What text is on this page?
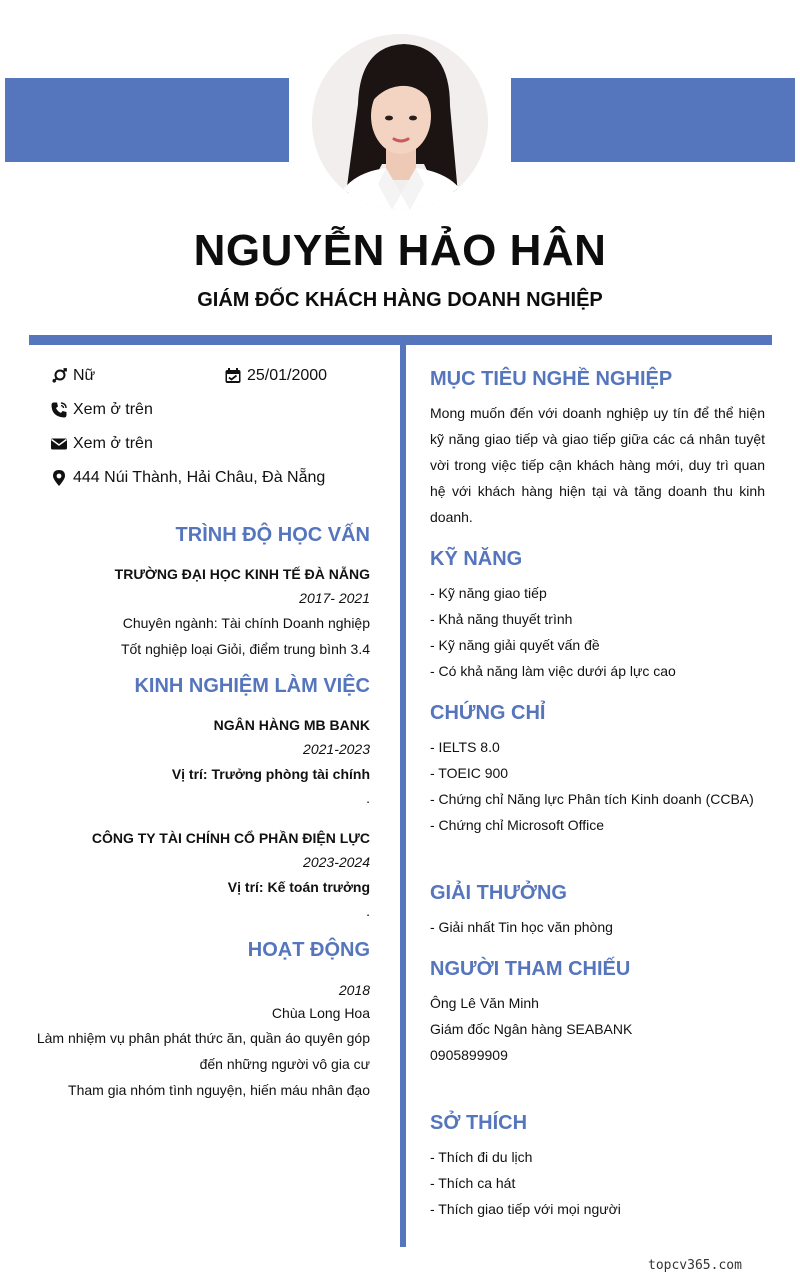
NGUYỄN HẢO HÂN
GIÁM ĐỐC KHÁCH HÀNG DOANH NGHIỆP
Nữ	25/01/2000
Xem ở trên
Xem ở trên
444 Núi Thành, Hải Châu, Đà Nẵng
TRÌNH ĐỘ HỌC VẤN
TRƯỜNG ĐẠI HỌC KINH TẾ ĐÀ NẴNG
2017- 2021
Chuyên ngành: Tài chính Doanh nghiệp
Tốt nghiệp loại Giỏi, điểm trung bình 3.4
KINH NGHIỆM LÀM VIỆC
NGÂN HÀNG MB BANK
2021-2023
Vị trí: Trưởng phòng tài chính
.
CÔNG TY TÀI CHÍNH CỔ PHẦN ĐIỆN LỰC
2023-2024
Vị trí: Kế toán trưởng
.
HOẠT ĐỘNG
2018
Chùa Long Hoa
Làm nhiệm vụ phân phát thức ăn, quần áo quyên góp
đến những người vô gia cư
Tham gia nhóm tình nguyện, hiến máu nhân đạo
MỤC TIÊU NGHỀ NGHIỆP
Mong muốn đến với doanh nghiệp uy tín để thể hiện kỹ năng giao tiếp và giao tiếp giữa các cá nhân tuyệt vời trong việc tiếp cận khách hàng mới, duy trì quan hệ với khách hàng hiện tại và tăng doanh thu kinh doanh.
KỸ NĂNG
- Kỹ năng giao tiếp
- Khả năng thuyết trình
- Kỹ năng giải quyết vấn đề
- Có khả năng làm việc dưới áp lực cao
CHỨNG CHỈ
- IELTS 8.0
- TOEIC 900
- Chứng chỉ Năng lực Phân tích Kinh doanh (CCBA)
- Chứng chỉ Microsoft Office
GIẢI THƯỞNG
- Giải nhất Tin học văn phòng
NGƯỜI THAM CHIẾU
Ông Lê Văn Minh
Giám đốc Ngân hàng SEABANK
0905899909
SỞ THÍCH
- Thích đi du lịch
- Thích ca hát
- Thích giao tiếp với mọi người
topcv365.com
